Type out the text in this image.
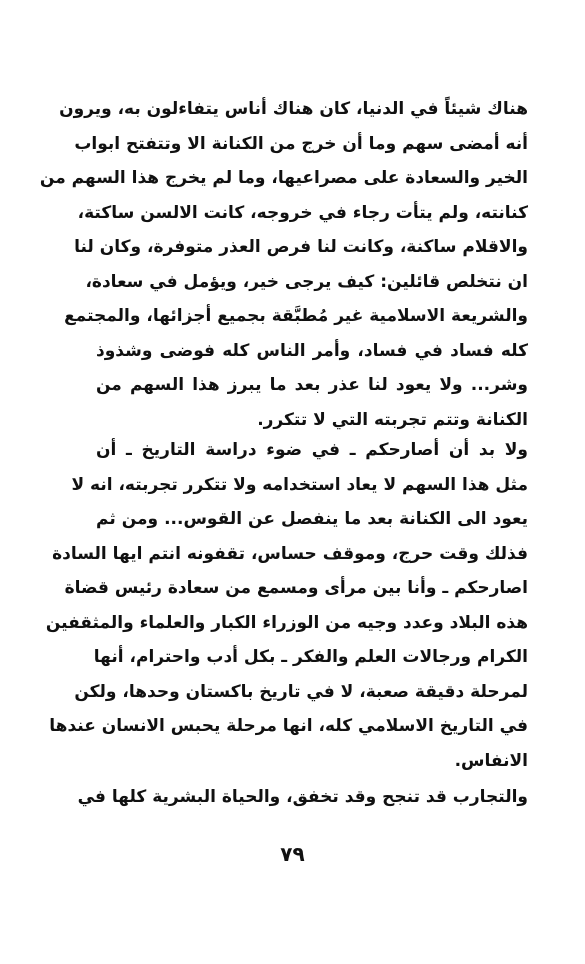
هناك شيئاً في الدنيا، كان هناك أناس يتفاءلون به، ويرون
أنه أمضى سهم وما أن خرج من الكنانة الا وتتفتح ابواب
الخير والسعادة على مصراعيها، وما لم يخرج هذا السهم من
كنانته، ولم يتأت رجاء في خروجه، كانت الالسن ساكتة،
والاقلام ساكنة، وكانت لنا فرص العذر متوفرة، وكان لنا
ان نتخلص قائلين: كيف يرجى خير، ويؤمل في سعادة،
والشريعة الاسلامية غير مُطبَّقة بجميع أجزائها، والمجتمع
كله فساد في فساد، وأمر الناس كله فوضى وشذوذ
وشر... ولا يعود لنا عذر بعد ما يبرز هذا السهم من
الكنانة وتتم تجربته التي لا تتكرر.
ولا بد أن أصارحكم ـ في ضوء دراسة التاريخ ـ أن
مثل هذا السهم لا يعاد استخدامه ولا تتكرر تجربته، انه لا
يعود الى الكنانة بعد ما ينفصل عن القوس... ومن ثم
فذلك وقت حرج، وموقف حساس، تقفونه انتم ايها السادة
اصارحكم ـ وأنا بين مرأى ومسمع من سعادة رئيس قضاة
هذه البلاد وعدد وجيه من الوزراء الكبار والعلماء والمثقفين
الكرام ورجالات العلم والفكر ـ بكل أدب واحترام، أنها
لمرحلة دقيقة صعبة، لا في تاريخ باكستان وحدها، ولكن
في التاريخ الاسلامي كله، انها مرحلة يحبس الانسان عندها
الانفاس.
والتجارب قد تنجح وقد تخفق، والحياة البشرية كلها في
٧٩
